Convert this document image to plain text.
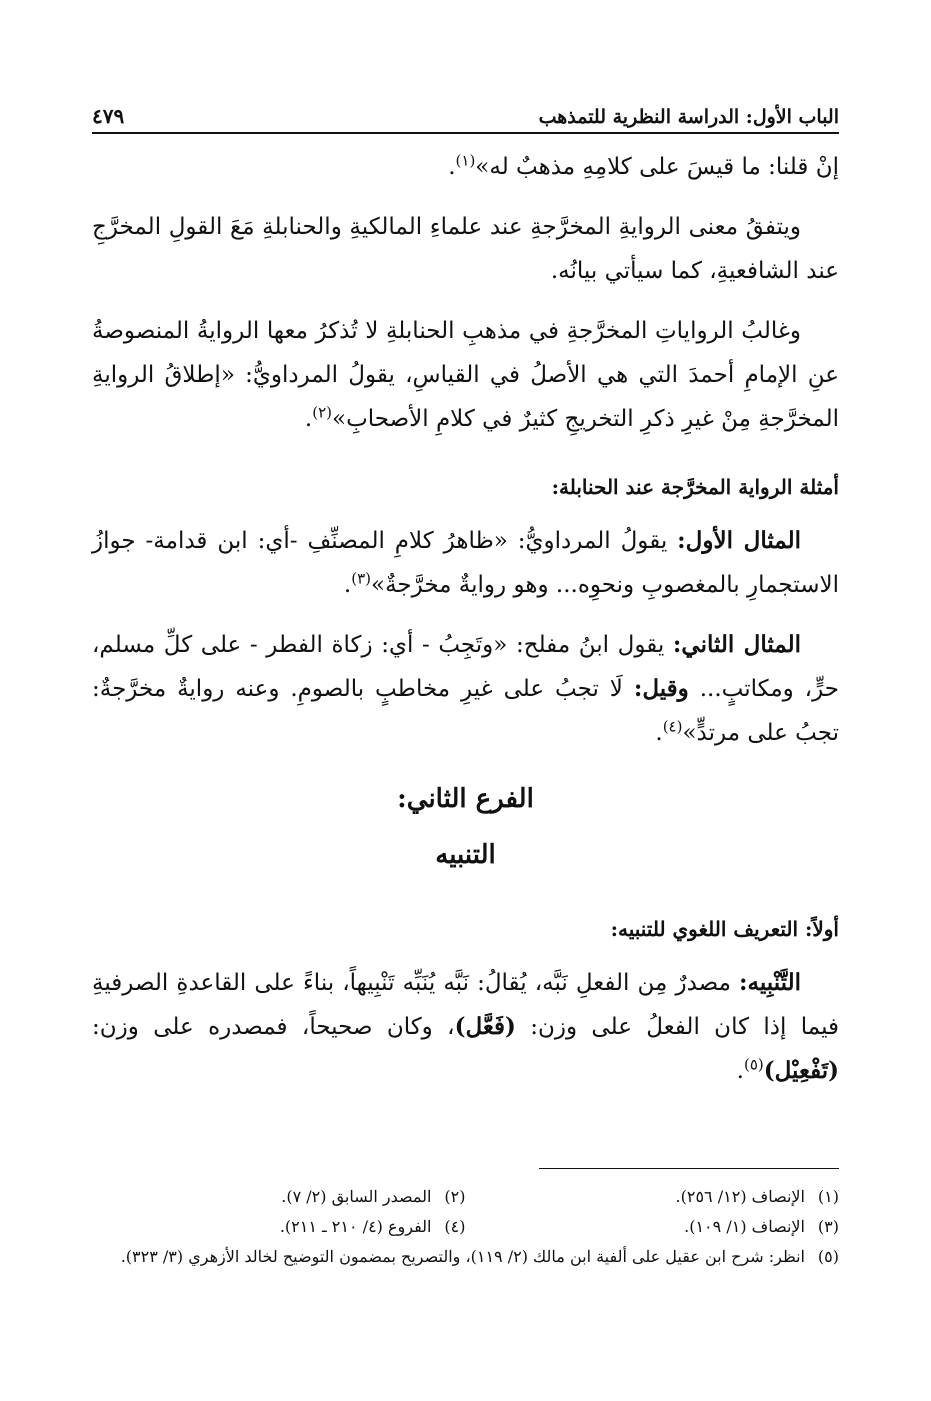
الباب الأول: الدراسة النظرية للتمذهب
٤٧٩

إنْ قلنا: ما قيسَ على كلامِهِ مذهبٌ له»$^{(١)}$.

ويتفقُ معنى الروايةِ المخرَّجةِ عند علماءِ المالكيةِ والحنابلةِ مَعَ القولِ المخرَّجِ عند الشافعيةِ، كما سيأتي بيانُه.

وغالبُ الرواياتِ المخرَّجةِ في مذهبِ الحنابلةِ لا تُذكرُ معها الروايةُ المنصوصةُ عنِ الإمامِ أحمدَ التي هي الأصلُ في القياسِ، يقولُ المرداويُّ: «إطلاقُ الروايةِ المخرَّجةِ مِنْ غيرِ ذكرِ التخريجِ كثيرٌ في كلامِ الأصحابِ»$^{(٢)}$.

أمثلة الرواية المخرَّجة عند الحنابلة:

المثال الأول: يقولُ المرداويُّ: «ظاهرُ كلامِ المصنِّفِ -أي: ابن قدامة- جوازُ الاستجمارِ بالمغصوبِ ونحوِه... وهو روايةٌ مخرَّجةٌ»$^{(٣)}$.

المثال الثاني: يقول ابنُ مفلح: «وتَجِبُ - أي: زكاة الفطر - على كلِّ مسلم، حرٍّ، ومكاتبٍ... وقيل: لَا تجبُ على غيرِ مخاطبٍ بالصومِ. وعنه روايةٌ مخرَّجةٌ: تجبُ على مرتدٍّ»$^{(٤)}$.

الفرع الثاني:
التنبيه
أولاً: التعريف اللغوي للتنبيه:

التَّنْبِيه: مصدرٌ مِن الفعلِ نَبَّه، يُقالُ: نَبَّه يُنَبِّه تَنْبِيهاً، بناءً على القاعدةِ الصرفيةِ فيما إذا كان الفعلُ على وزن: (فَعَّل)، وكان صحيحاً، فمصدره على وزن: (تَفْعِيْل)$^{(٥)}$.

(١)
الإنصاف (١٢/ ٢٥٦).
(٢)
المصدر السابق (٢/ ٧).
(٣)
الإنصاف (١/ ١٠٩).
(٤)
الفروع (٤/ ٢١٠ ـ ٢١١).
(٥)
انظر: شرح ابن عقيل على ألفية ابن مالك (٢/ ١١٩)، والتصريح بمضمون التوضيح لخالد الأزهري (٣/ ٣٢٣).
